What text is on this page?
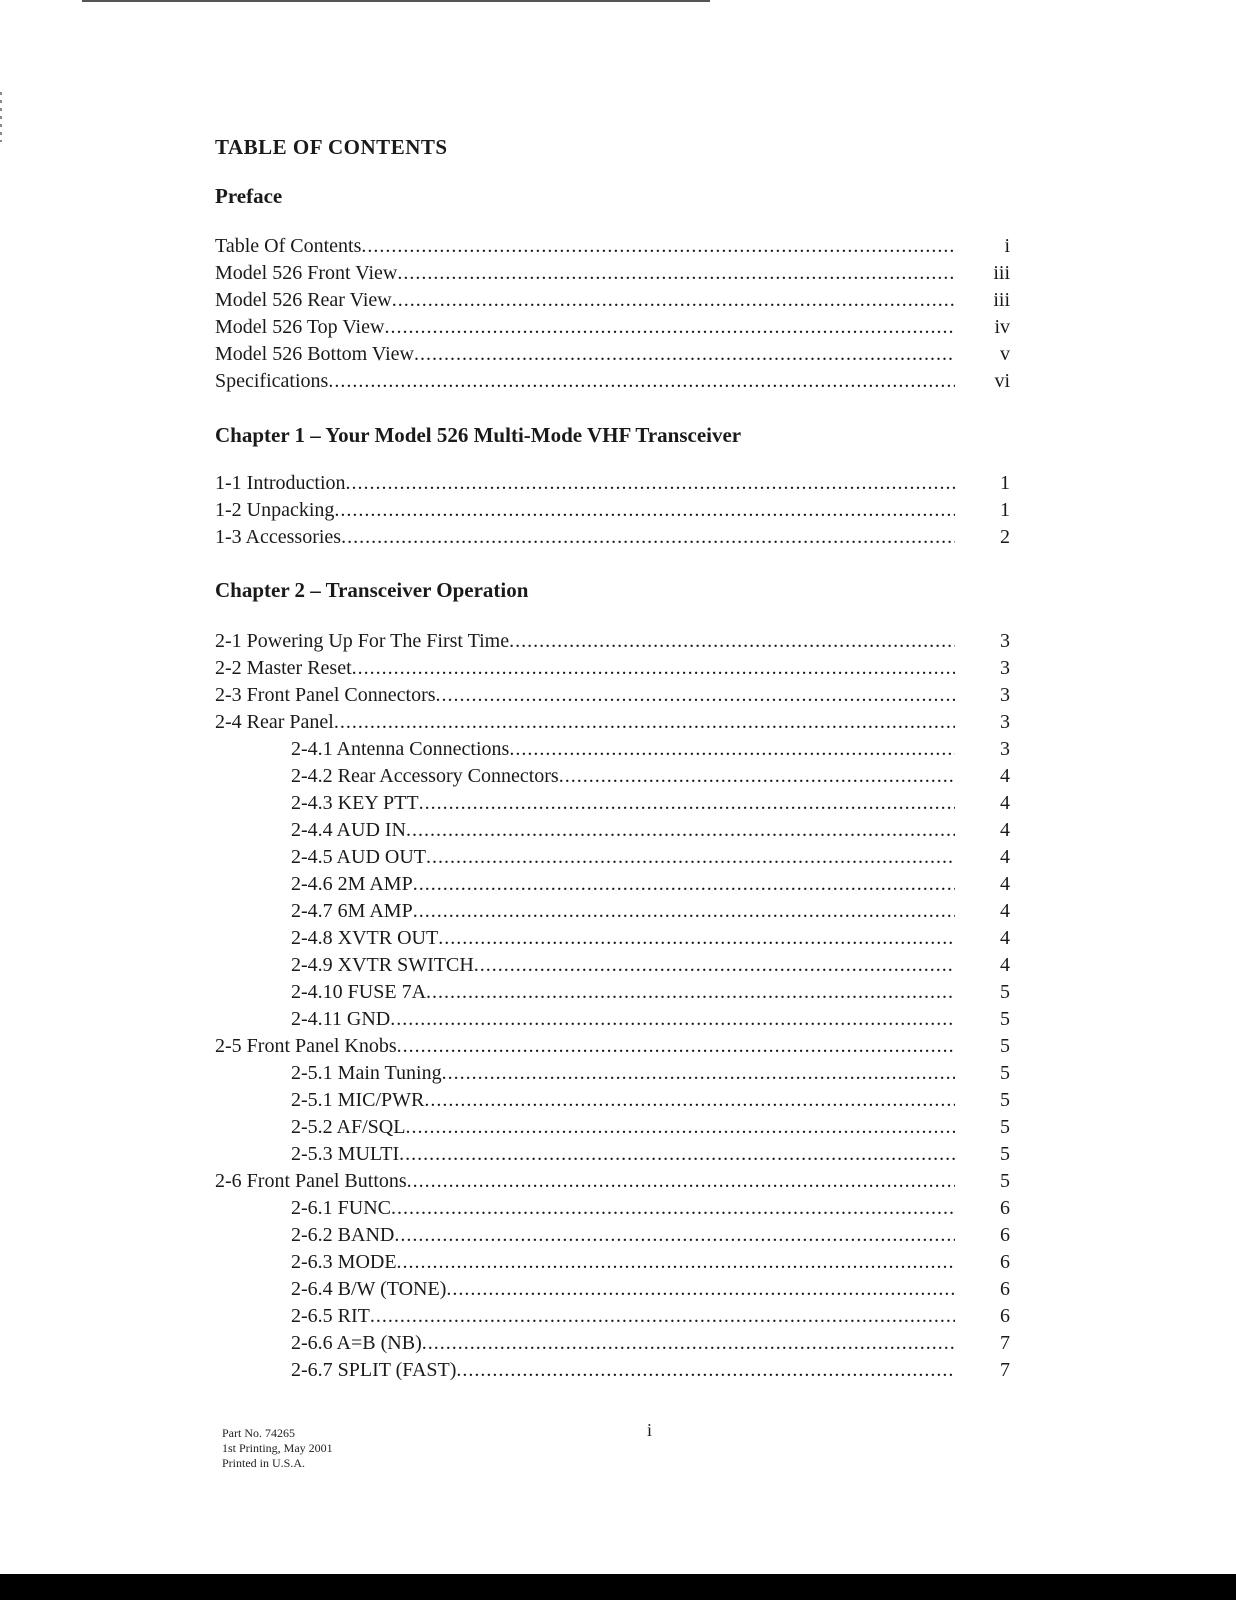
TABLE OF CONTENTS
Preface
Table Of Contents .....	i
Model 526 Front View .....	iii
Model 526 Rear View .....	iii
Model 526 Top View .....	iv
Model 526 Bottom View .....	v
Specifications .....	vi
Chapter 1 – Your Model 526 Multi-Mode VHF Transceiver
1-1 Introduction .....	1
1-2 Unpacking .....	1
1-3 Accessories .....	2
Chapter 2 – Transceiver Operation
2-1 Powering Up For The First Time .....	3
2-2 Master Reset .....	3
2-3 Front Panel Connectors .....	3
2-4 Rear Panel .....	3
2-4.1 Antenna Connections .....	3
2-4.2 Rear Accessory Connectors .....	4
2-4.3 KEY PTT .....	4
2-4.4 AUD IN .....	4
2-4.5 AUD OUT .....	4
2-4.6 2M AMP .....	4
2-4.7 6M AMP .....	4
2-4.8 XVTR OUT .....	4
2-4.9 XVTR SWITCH .....	4
2-4.10 FUSE 7A .....	5
2-4.11 GND .....	5
2-5 Front Panel Knobs .....	5
2-5.1 Main Tuning .....	5
2-5.1 MIC/PWR .....	5
2-5.2 AF/SQL .....	5
2-5.3 MULTI .....	5
2-6 Front Panel Buttons .....	5
2-6.1 FUNC .....	6
2-6.2 BAND .....	6
2-6.3 MODE .....	6
2-6.4 B/W (TONE) .....	6
2-6.5 RIT .....	6
2-6.6 A=B (NB) .....	7
2-6.7 SPLIT (FAST) .....	7
i
Part No. 74265
1st Printing, May 2001
Printed in U.S.A.
